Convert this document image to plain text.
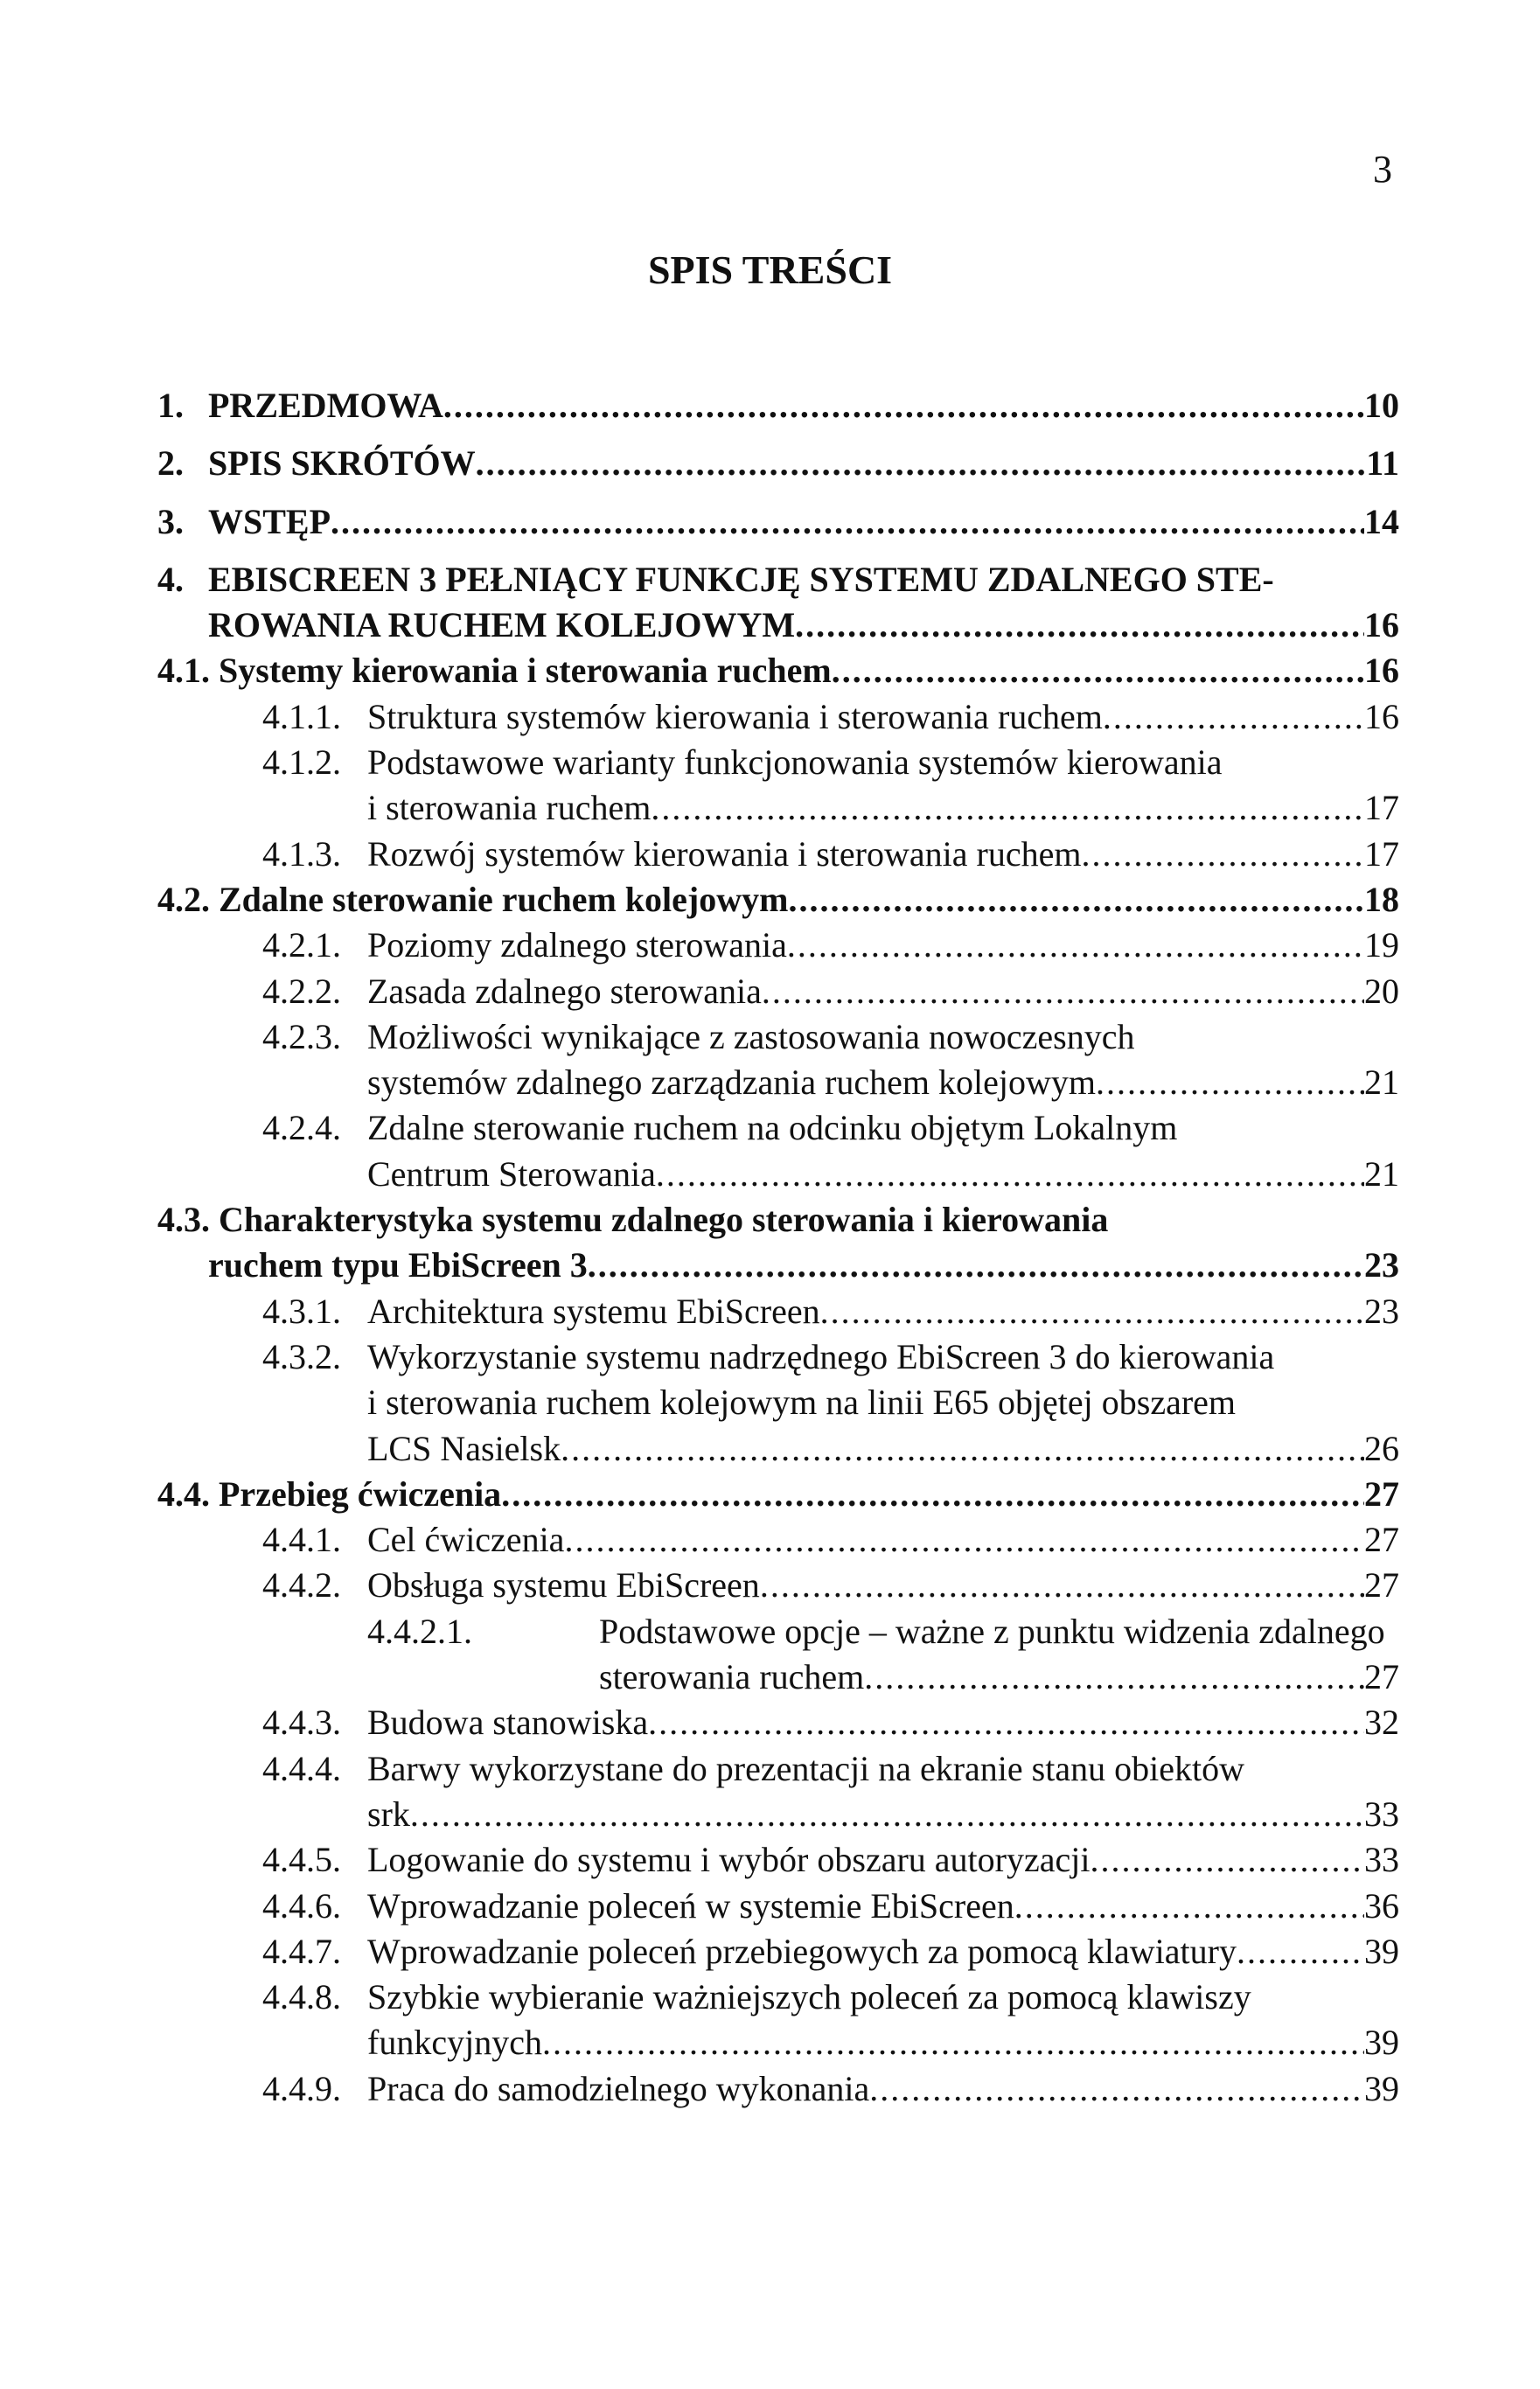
3
SPIS TREŚCI
1. PRZEDMOWA .....	10
2. SPIS SKRÓTÓW .....	11
3. WSTĘP .....	14
4. EBISCREEN 3 PEŁNIĄCY FUNKCJĘ SYSTEMU ZDALNEGO STE-
ROWANIA RUCHEM KOLEJOWYM .....	16
4.1. Systemy kierowania i sterowania ruchem .....	16
4.1.1. Struktura systemów kierowania i sterowania ruchem .....	16
4.1.2. Podstawowe warianty funkcjonowania systemów kierowania
i sterowania ruchem .....	17
4.1.3. Rozwój systemów kierowania i sterowania ruchem .....	17
4.2. Zdalne sterowanie ruchem kolejowym .....	18
4.2.1. Poziomy zdalnego sterowania .....	19
4.2.2. Zasada zdalnego sterowania .....	20
4.2.3. Możliwości wynikające z zastosowania nowoczesnych
systemów zdalnego zarządzania ruchem kolejowym .....	21
4.2.4. Zdalne sterowanie ruchem na odcinku objętym Lokalnym
Centrum Sterowania .....	21
4.3. Charakterystyka systemu zdalnego sterowania i kierowania
ruchem typu EbiScreen 3 .....	23
4.3.1. Architektura systemu EbiScreen .....	23
4.3.2. Wykorzystanie systemu nadrzędnego EbiScreen 3 do kierowania
i sterowania ruchem kolejowym na linii E65 objętej obszarem
LCS Nasielsk .....	26
4.4. Przebieg ćwiczenia .....	27
4.4.1. Cel ćwiczenia .....	27
4.4.2. Obsługa systemu EbiScreen .....	27
4.4.2.1.	Podstawowe opcje – ważne z punktu widzenia zdalnego
sterowania ruchem .....	27
4.4.3. Budowa stanowiska .....	32
4.4.4. Barwy wykorzystane do prezentacji na ekranie stanu obiektów
srk .....	33
4.4.5. Logowanie do systemu i wybór obszaru autoryzacji .....	33
4.4.6. Wprowadzanie poleceń w systemie EbiScreen .....	36
4.4.7. Wprowadzanie poleceń przebiegowych za pomocą klawiatury .....	39
4.4.8. Szybkie wybieranie ważniejszych poleceń za pomocą klawiszy
funkcyjnych .....	39
4.4.9. Praca do samodzielnego wykonania .....	39
